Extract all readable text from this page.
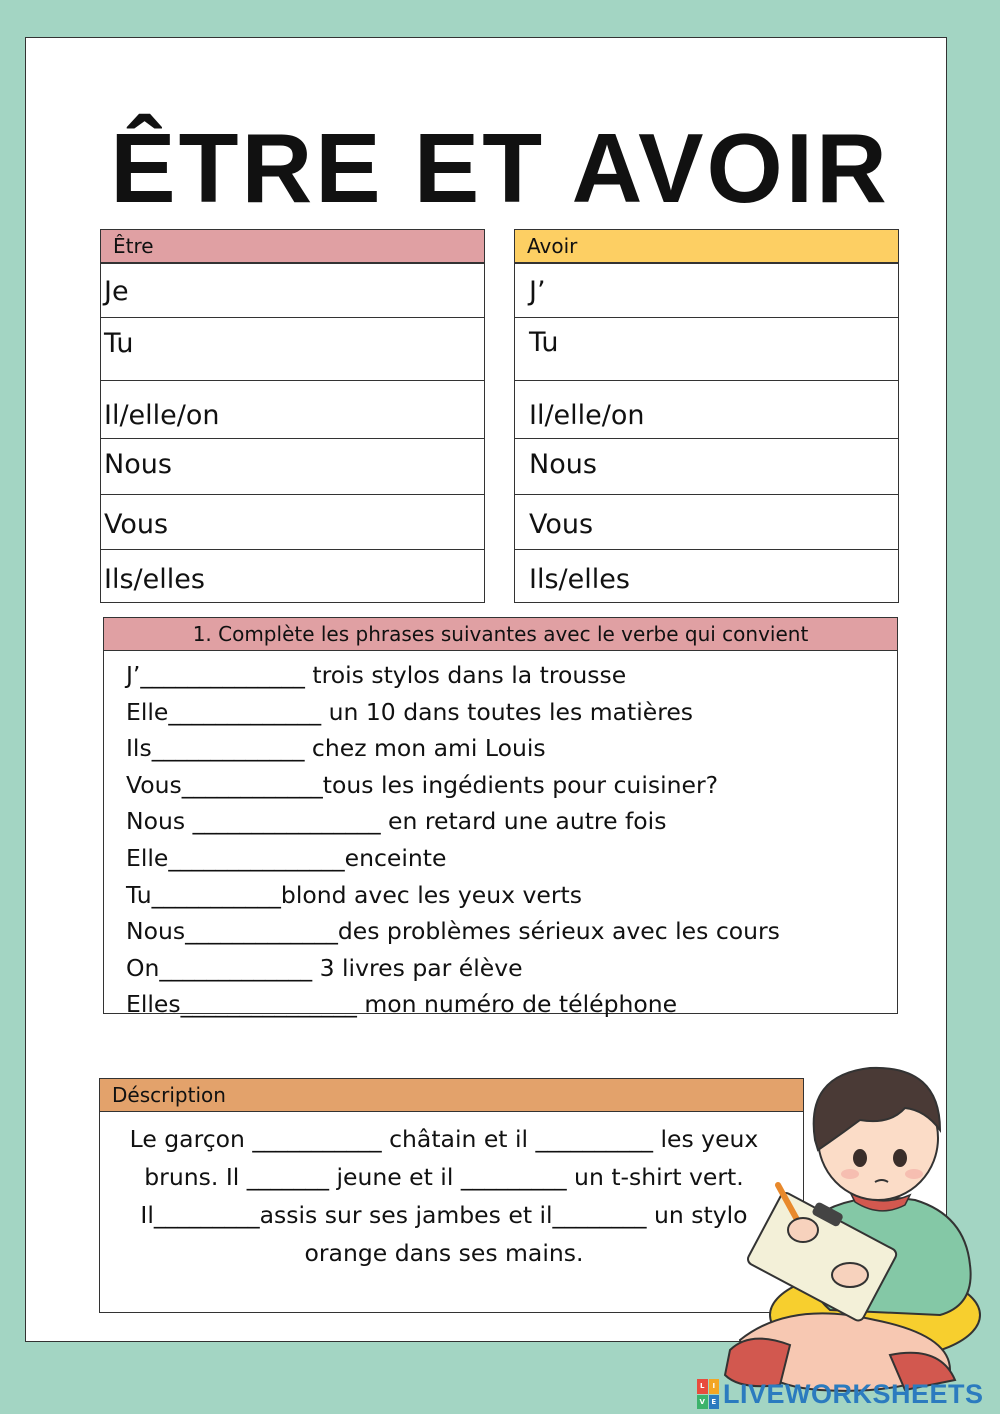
ÊTRE ET AVOIR
Être
Je
Tu
Il/elle/on
Nous
Vous
Ils/elles
Avoir
J’
Tu
Il/elle/on
Nous
Vous
Ils/elles
1. Complète les phrases suivantes avec le verbe qui convient
J’______________ trois stylos dans la trousse
Elle_____________ un 10 dans toutes les matières
Ils_____________ chez mon ami Louis
Vous____________tous les ingédients pour cuisiner?
Nous ________________ en retard une autre fois
Elle_______________enceinte
Tu___________blond avec les yeux verts
Nous_____________des problèmes sérieux avec les cours
On_____________ 3 livres par élève
Elles_______________ mon numéro de téléphone
Déscription
Le garçon ___________ châtain et il __________ les yeux bruns. Il _______ jeune et il _________ un t-shirt vert. Il_________assis sur ses jambes et il________ un stylo orange dans ses mains.
L	I
V E LIVEWORKSHEETS
